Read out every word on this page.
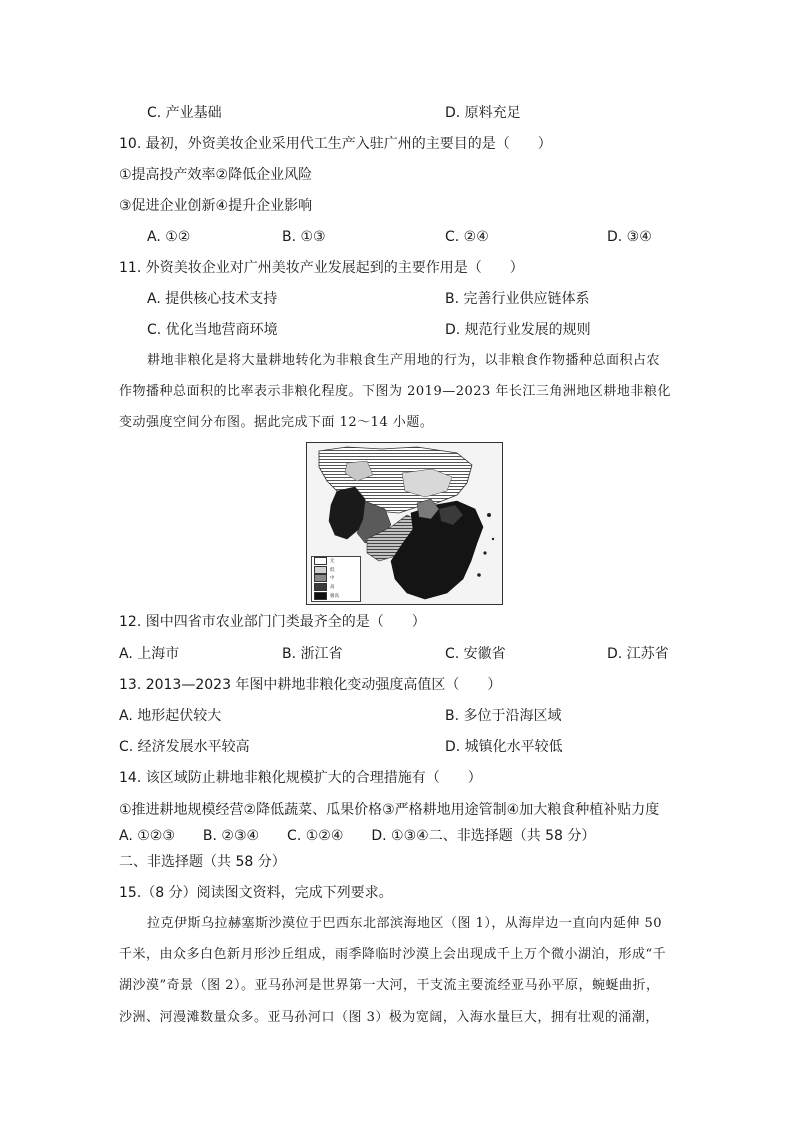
C. 产业基础	D. 原料充足
10. 最初，外资美妆企业采用代工生产入驻广州的主要目的是（　　）
①提高投产效率②降低企业风险
③促进企业创新④提升企业影响
A. ①②	B. ①③	C. ②④	D. ③④
11. 外资美妆企业对广州美妆产业发展起到的主要作用是（　　）
A. 提供核心技术支持	B. 完善行业供应链体系
C. 优化当地营商环境	D. 规范行业发展的规则
耕地非粮化是将大量耕地转化为非粮食生产用地的行为，以非粮食作物播种总面积占农
作物播种总面积的比率表示非粮化程度。下图为 2019—2023 年长江三角洲地区耕地非粮化
变动强度空间分布图。据此完成下面 12～14 小题。
无
低
中
高
极高
12. 图中四省市农业部门门类最齐全的是（　　）
A. 上海市	B. 浙江省	C. 安徽省	D. 江苏省
13. 2013—2023 年图中耕地非粮化变动强度高值区（　　）
A. 地形起伏较大	B. 多位于沿海区域
C. 经济发展水平较高	D. 城镇化水平较低
14. 该区域防止耕地非粮化规模扩大的合理措施有（　　）
①推进耕地规模经营②降低蔬菜、瓜果价格③严格耕地用途管制④加大粮食种植补贴力度
A. ①②③　　B. ②③④　　C. ①②④　　D. ①③④二、非选择题（共 58 分）
二、非选择题（共 58 分）
15.（8 分）阅读图文资料，完成下列要求。
拉克伊斯乌拉赫塞斯沙漠位于巴西东北部滨海地区（图 1），从海岸边一直向内延伸 50
千米，由众多白色新月形沙丘组成，雨季降临时沙漠上会出现成千上万个微小湖泊，形成“千
湖沙漠”奇景（图 2）。亚马孙河是世界第一大河，干支流主要流经亚马孙平原，蜿蜒曲折，
沙洲、河漫滩数量众多。亚马孙河口（图 3）极为宽阔，入海水量巨大，拥有壮观的涌潮，
